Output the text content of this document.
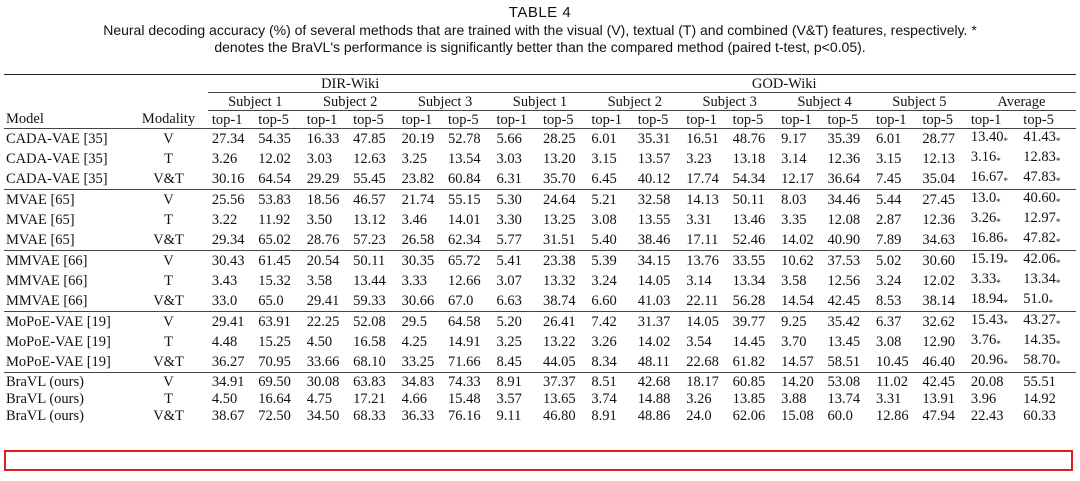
TABLE 4
Neural decoding accuracy (%) of several methods that are trained with the visual (V), textual (T) and combined (V&T) features, respectively. *
denotes the BraVL's performance is significantly better than the compared method (paired t-test, p<0.05).
		DIR-Wiki						GOD-Wiki											
		Subject 1		Subject 2		Subject 3		Subject 1		Subject 2		Subject 3		Subject 4		Subject 5		Average	
Model	Modality	top-1	top-5	top-1	top-5	top-1	top-5	top-1	top-5	top-1	top-5	top-1	top-5	top-1	top-5	top-1	top-5	top-1	top-5
CADA-VAE [35]	V	27.34	54.35	16.33	47.85	20.19	52.78	5.66	28.25	6.01	35.31	16.51	48.76	9.17	35.39	6.01	28.77	$13.40_*$	$41.43_*$
CADA-VAE [35]	T	3.26	12.02	3.03	12.63	3.25	13.54	3.03	13.20	3.15	13.57	3.23	13.18	3.14	12.36	3.15	12.13	$3.16_*$	$12.83_*$
CADA-VAE [35]	V&T	30.16	64.54	29.29	55.45	23.82	60.84	6.31	35.70	6.45	40.12	17.74	54.34	12.17	36.64	7.45	35.04	$16.67_*$	$47.83_*$
MVAE [65]	V	25.56	53.83	18.56	46.57	21.74	55.15	5.30	24.64	5.21	32.58	14.13	50.11	8.03	34.46	5.44	27.45	$13.0_*$	$40.60_*$
MVAE [65]	T	3.22	11.92	3.50	13.12	3.46	14.01	3.30	13.25	3.08	13.55	3.31	13.46	3.35	12.08	2.87	12.36	$3.26_*$	$12.97_*$
MVAE [65]	V&T	29.34	65.02	28.76	57.23	26.58	62.34	5.77	31.51	5.40	38.46	17.11	52.46	14.02	40.90	7.89	34.63	$16.86_*$	$47.82_*$
MMVAE [66]	V	30.43	61.45	20.54	50.11	30.35	65.72	5.41	23.38	5.39	34.15	13.76	33.55	10.62	37.53	5.02	30.60	$15.19_*$	$42.06_*$
MMVAE [66]	T	3.43	15.32	3.58	13.44	3.33	12.66	3.07	13.32	3.24	14.05	3.14	13.34	3.58	12.56	3.24	12.02	$3.33_*$	$13.34_*$
MMVAE [66]	V&T	33.0	65.0	29.41	59.33	30.66	67.0	6.63	38.74	6.60	41.03	22.11	56.28	14.54	42.45	8.53	38.14	$18.94_*$	$51.0_*$
MoPoE-VAE [19]	V	29.41	63.91	22.25	52.08	29.5	64.58	5.20	26.41	7.42	31.37	14.05	39.77	9.25	35.42	6.37	32.62	$15.43_*$	$43.27_*$
MoPoE-VAE [19]	T	4.48	15.25	4.50	16.58	4.25	14.91	3.25	13.22	3.26	14.02	3.54	14.45	3.70	13.45	3.08	12.90	$3.76_*$	$14.35_*$
MoPoE-VAE [19]	V&T	36.27	70.95	33.66	68.10	33.25	71.66	8.45	44.05	8.34	48.11	22.68	61.82	14.57	58.51	10.45	46.40	$20.96_*$	$58.70_*$
BraVL (ours)	V	34.91	69.50	30.08	63.83	34.83	74.33	8.91	37.37	8.51	42.68	18.17	60.85	14.20	53.08	11.02	42.45	20.08	55.51
BraVL (ours)	T	4.50	16.64	4.75	17.21	4.66	15.48	3.57	13.65	3.74	14.88	3.26	13.85	3.88	13.74	3.31	13.91	3.96	14.92
BraVL (ours)	V&T	38.67	72.50	34.50	68.33	36.33	76.16	9.11	46.80	8.91	48.86	24.0	62.06	15.08	60.0	12.86	47.94	22.43	60.33
